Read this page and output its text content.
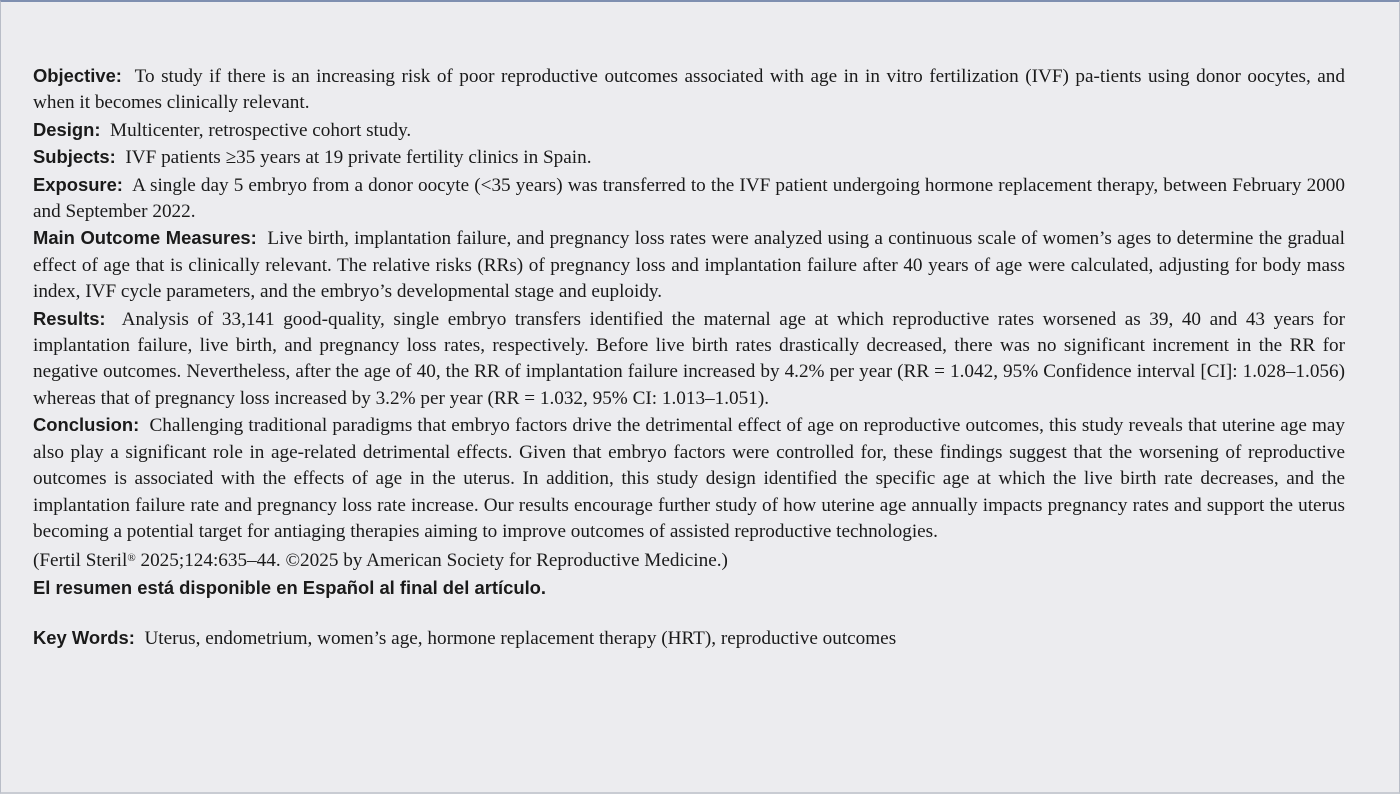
Objective: To study if there is an increasing risk of poor reproductive outcomes associated with age in in vitro fertilization (IVF) pa-tients using donor oocytes, and when it becomes clinically relevant.

Design: Multicenter, retrospective cohort study.

Subjects: IVF patients ≥35 years at 19 private fertility clinics in Spain.

Exposure: A single day 5 embryo from a donor oocyte (<35 years) was transferred to the IVF patient undergoing hormone replacement therapy, between February 2000 and September 2022.

Main Outcome Measures: Live birth, implantation failure, and pregnancy loss rates were analyzed using a continuous scale of women’s ages to determine the gradual effect of age that is clinically relevant. The relative risks (RRs) of pregnancy loss and implantation failure after 40 years of age were calculated, adjusting for body mass index, IVF cycle parameters, and the embryo’s developmental stage and euploidy.

Results: Analysis of 33,141 good-quality, single embryo transfers identified the maternal age at which reproductive rates worsened as 39, 40 and 43 years for implantation failure, live birth, and pregnancy loss rates, respectively. Before live birth rates drastically decreased, there was no significant increment in the RR for negative outcomes. Nevertheless, after the age of 40, the RR of implantation failure increased by 4.2% per year (RR = 1.042, 95% Confidence interval [CI]: 1.028–1.056) whereas that of pregnancy loss increased by 3.2% per year (RR = 1.032, 95% CI: 1.013–1.051).

Conclusion: Challenging traditional paradigms that embryo factors drive the detrimental effect of age on reproductive outcomes, this study reveals that uterine age may also play a significant role in age-related detrimental effects. Given that embryo factors were controlled for, these findings suggest that the worsening of reproductive outcomes is associated with the effects of age in the uterus. In addition, this study design identified the specific age at which the live birth rate decreases, and the implantation failure rate and pregnancy loss rate increase. Our results encourage further study of how uterine age annually impacts pregnancy rates and support the uterus becoming a potential target for antiaging therapies aiming to improve outcomes of assisted reproductive technologies.
(Fertil Steril® 2025;124:635–44. ©2025 by American Society for Reproductive Medicine.)

El resumen está disponible en Español al final del artículo.

Key Words: Uterus, endometrium, women’s age, hormone replacement therapy (HRT), reproductive outcomes
